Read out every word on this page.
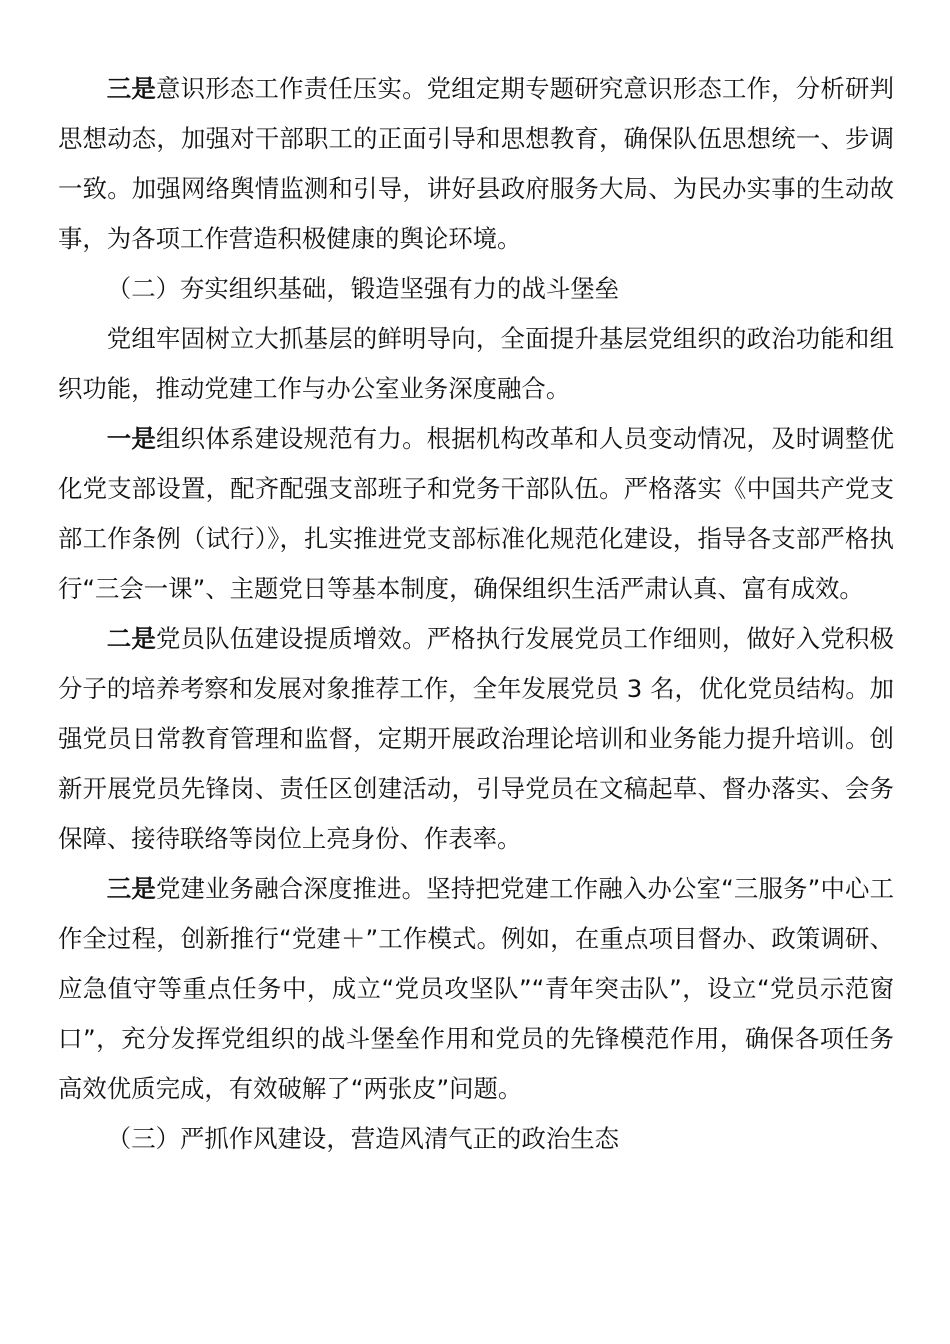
三是意识形态工作责任压实。党组定期专题研究意识形态工作，分析研判思想动态，加强对干部职工的正面引导和思想教育，确保队伍思想统一、步调一致。加强网络舆情监测和引导，讲好县政府服务大局、为民办实事的生动故事，为各项工作营造积极健康的舆论环境。

（二）夯实组织基础，锻造坚强有力的战斗堡垒

党组牢固树立大抓基层的鲜明导向，全面提升基层党组织的政治功能和组织功能，推动党建工作与办公室业务深度融合。

一是组织体系建设规范有力。根据机构改革和人员变动情况，及时调整优化党支部设置，配齐配强支部班子和党务干部队伍。严格落实《中国共产党支部工作条例（试行）》，扎实推进党支部标准化规范化建设，指导各支部严格执行“三会一课”、主题党日等基本制度，确保组织生活严肃认真、富有成效。

二是党员队伍建设提质增效。严格执行发展党员工作细则，做好入党积极分子的培养考察和发展对象推荐工作，全年发展党员 3 名，优化党员结构。加强党员日常教育管理和监督，定期开展政治理论培训和业务能力提升培训。创新开展党员先锋岗、责任区创建活动，引导党员在文稿起草、督办落实、会务保障、接待联络等岗位上亮身份、作表率。

三是党建业务融合深度推进。坚持把党建工作融入办公室“三服务”中心工作全过程，创新推行“党建＋”工作模式。例如，在重点项目督办、政策调研、应急值守等重点任务中，成立“党员攻坚队”“青年突击队”，设立“党员示范窗口”，充分发挥党组织的战斗堡垒作用和党员的先锋模范作用，确保各项任务高效优质完成，有效破解了“两张皮”问题。

（三）严抓作风建设，营造风清气正的政治生态
